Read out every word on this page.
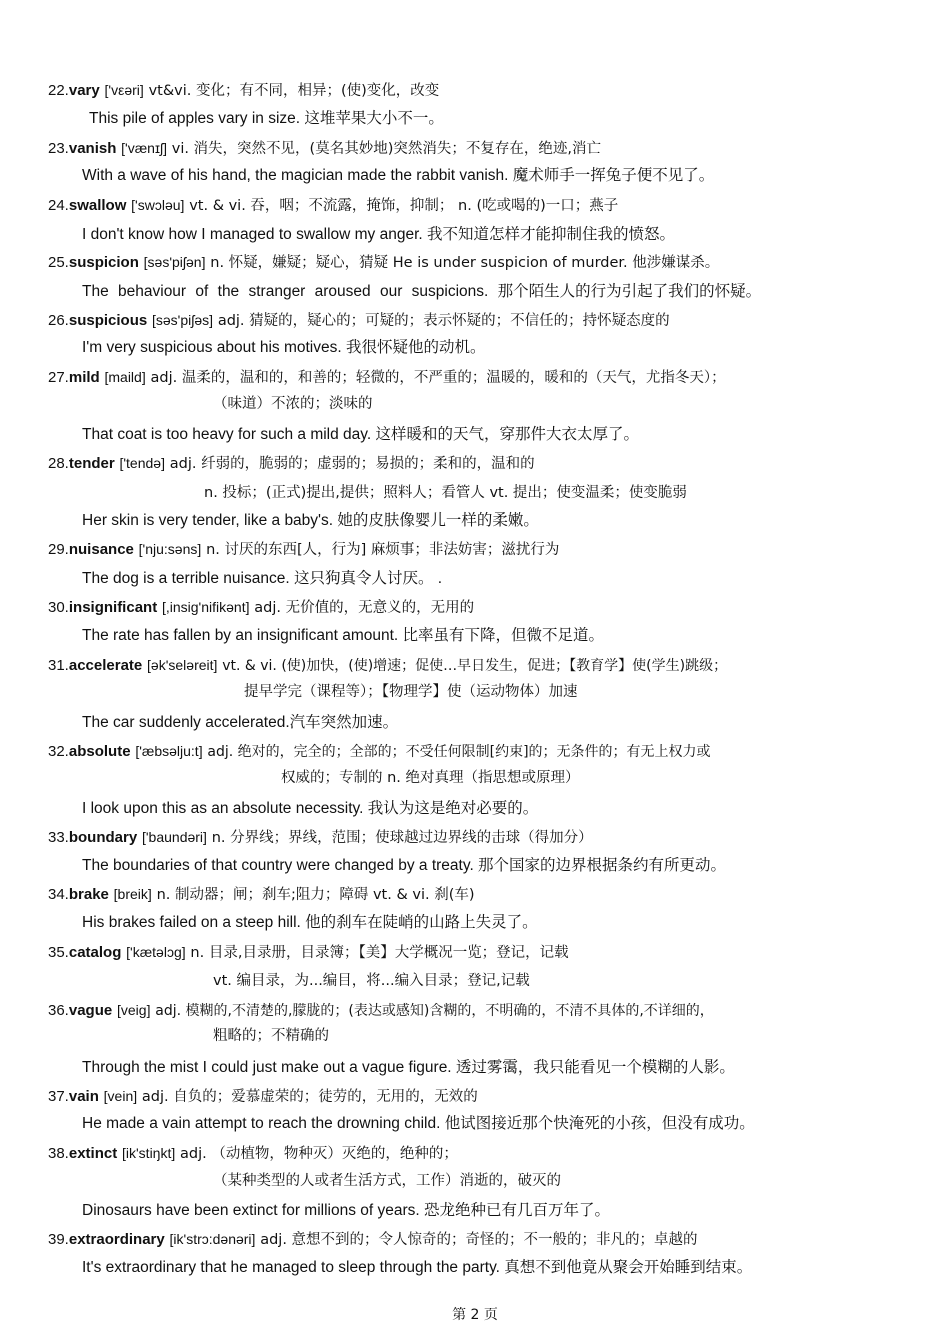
22.vary ['vεəri] vt&vi. 变化；有不同，相异；(使)变化，改变
This pile of apples vary in size. 这堆苹果大小不一。
23.vanish ['vænɪʃ] vi. 消失，突然不见，(莫名其妙地)突然消失；不复存在，绝迹,消亡
With a wave of his hand, the magician made the rabbit vanish. 魔术师手一挥兔子便不见了。
24.swallow ['swɔləu] vt. & vi. 吞，咽；不流露，掩饰，抑制； n. (吃或喝的)一口；燕子
I don't know how I managed to swallow my anger. 我不知道怎样才能抑制住我的愤怒。
25.suspicion [səs'piʃən] n. 怀疑，嫌疑；疑心，猜疑 He is under suspicion of murder. 他涉嫌谋杀。
The behaviour of the stranger aroused our suspicions. 那个陌生人的行为引起了我们的怀疑。
26.suspicious [səs'piʃəs] adj. 猜疑的，疑心的；可疑的；表示怀疑的；不信任的；持怀疑态度的
I'm very suspicious about his motives. 我很怀疑他的动机。
27.mild [maild] adj. 温柔的，温和的，和善的；轻微的，不严重的；温暖的，暖和的（天气，尤指冬天）；
（味道）不浓的；淡味的
That coat is too heavy for such a mild day. 这样暖和的天气，穿那件大衣太厚了。
28.tender ['tendə] adj. 纤弱的，脆弱的；虚弱的；易损的；柔和的，温和的
n. 投标；(正式)提出,提供；照料人；看管人 vt. 提出；使变温柔；使变脆弱
Her skin is very tender, like a baby's. 她的皮肤像婴儿一样的柔嫩。
29.nuisance ['nju:səns] n. 讨厌的东西[人，行为] 麻烦事；非法妨害；滋扰行为
The dog is a terrible nuisance. 这只狗真令人讨厌。 .
30.insignificant [,insig'nifikənt] adj. 无价值的，无意义的，无用的
The rate has fallen by an insignificant amount. 比率虽有下降，但微不足道。
31.accelerate [ək'seləreit] vt. & vi. (使)加快，(使)增速；促使…早日发生，促进；【教育学】使(学生)跳级；
提早学完（课程等）；【物理学】使（运动物体）加速
The car suddenly accelerated.汽车突然加速。
32.absolute ['æbsəlju:t] adj. 绝对的，完全的；全部的；不受任何限制[约束]的；无条件的；有无上权力或
权威的；专制的 n. 绝对真理（指思想或原理）
I look upon this as an absolute necessity. 我认为这是绝对必要的。
33.boundary ['baundəri] n. 分界线；界线，范围；使球越过边界线的击球（得加分）
The boundaries of that country were changed by a treaty. 那个国家的边界根据条约有所更动。
34.brake [breik] n. 制动器；闸；刹车;阻力；障碍 vt. & vi. 刹(车)
His brakes failed on a steep hill. 他的刹车在陡峭的山路上失灵了。
35.catalog ['kætəlɔg] n. 目录,目录册，目录簿；【美】大学概况一览；登记，记载
vt. 编目录，为...编目，将...编入目录；登记,记载
36.vague [veig] adj. 模糊的,不清楚的,朦胧的；(表达或感知)含糊的，不明确的，不清不具体的,不详细的，
粗略的；不精确的
Through the mist I could just make out a vague figure. 透过雾霭，我只能看见一个模糊的人影。
37.vain [vein] adj. 自负的；爱慕虚荣的；徒劳的，无用的，无效的
He made a vain attempt to reach the drowning child. 他试图接近那个快淹死的小孩，但没有成功。
38.extinct [ik'stiŋkt] adj. （动植物，物种灭）灭绝的，绝种的；
（某种类型的人或者生活方式，工作）消逝的，破灭的
Dinosaurs have been extinct for millions of years. 恐龙绝种已有几百万年了。
39.extraordinary [ik'strɔ:dənəri] adj. 意想不到的；令人惊奇的；奇怪的；不一般的；非凡的；卓越的
It's extraordinary that he managed to sleep through the party. 真想不到他竟从聚会开始睡到结束。
第 2 页
